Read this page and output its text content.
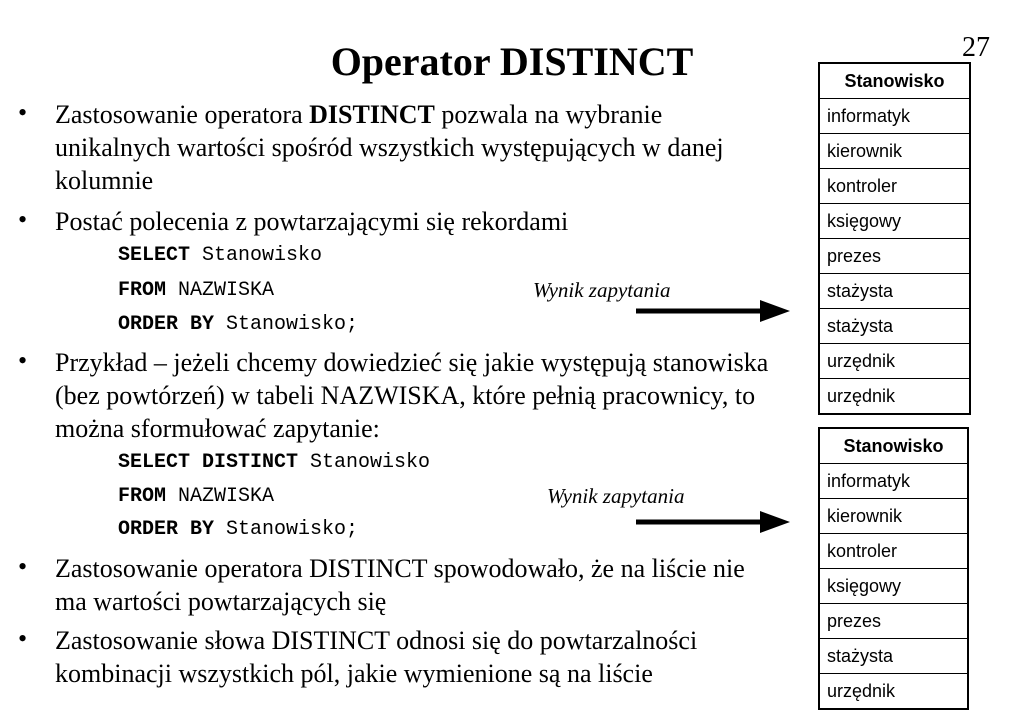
27
Operator DISTINCT
• Zastosowanie operatora DISTINCT pozwala na wybranie unikalnych wartości spośród wszystkich występujących w danej kolumnie
• Postać polecenia z powtarzającymi się rekordami
SELECT Stanowisko
FROM NAZWISKA
ORDER BY Stanowisko;
Wynik zapytania
• Przykład – jeżeli chcemy dowiedzieć się jakie występują stanowiska (bez powtórzeń) w tabeli NAZWISKA, które pełnią pracownicy, to można sformułować zapytanie:
SELECT DISTINCT Stanowisko
FROM NAZWISKA
ORDER BY Stanowisko;
Wynik zapytania
• Zastosowanie operatora DISTINCT spowodowało, że na liście nie ma wartości powtarzających się
• Zastosowanie słowa DISTINCT odnosi się do powtarzalności kombinacji wszystkich pól, jakie wymienione są na liście
Stanowisko
informatyk
kierownik
kontroler
księgowy
prezes
stażysta
stażysta
urzędnik
urzędnik
Stanowisko
informatyk
kierownik
kontroler
księgowy
prezes
stażysta
urzędnik
